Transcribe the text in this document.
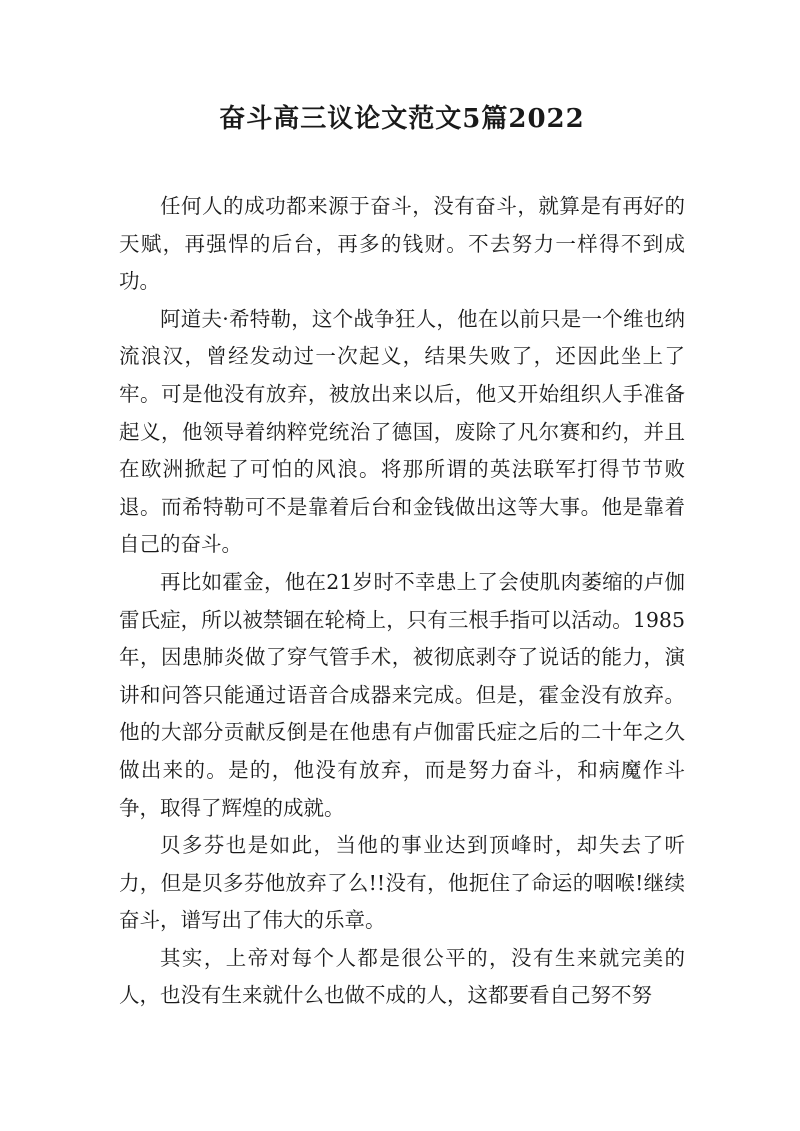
奋斗高三议论文范文5篇2022

任何人的成功都来源于奋斗，没有奋斗，就算是有再好的天赋，再强悍的后台，再多的钱财。不去努力一样得不到成功。

阿道夫·希特勒，这个战争狂人，他在以前只是一个维也纳流浪汉，曾经发动过一次起义，结果失败了，还因此坐上了牢。可是他没有放弃，被放出来以后，他又开始组织人手准备起义，他领导着纳粹党统治了德国，废除了凡尔赛和约，并且在欧洲掀起了可怕的风浪。将那所谓的英法联军打得节节败退。而希特勒可不是靠着后台和金钱做出这等大事。他是靠着自己的奋斗。

再比如霍金，他在21岁时不幸患上了会使肌肉萎缩的卢伽雷氏症，所以被禁锢在轮椅上，只有三根手指可以活动。1985年，因患肺炎做了穿气管手术，被彻底剥夺了说话的能力，演讲和问答只能通过语音合成器来完成。但是，霍金没有放弃。他的大部分贡献反倒是在他患有卢伽雷氏症之后的二十年之久做出来的。是的，他没有放弃，而是努力奋斗，和病魔作斗争，取得了辉煌的成就。

贝多芬也是如此，当他的事业达到顶峰时，却失去了听力，但是贝多芬他放弃了么!!没有，他扼住了命运的咽喉!继续奋斗，谱写出了伟大的乐章。

其实，上帝对每个人都是很公平的，没有生来就完美的人，也没有生来就什么也做不成的人，这都要看自己努不努
